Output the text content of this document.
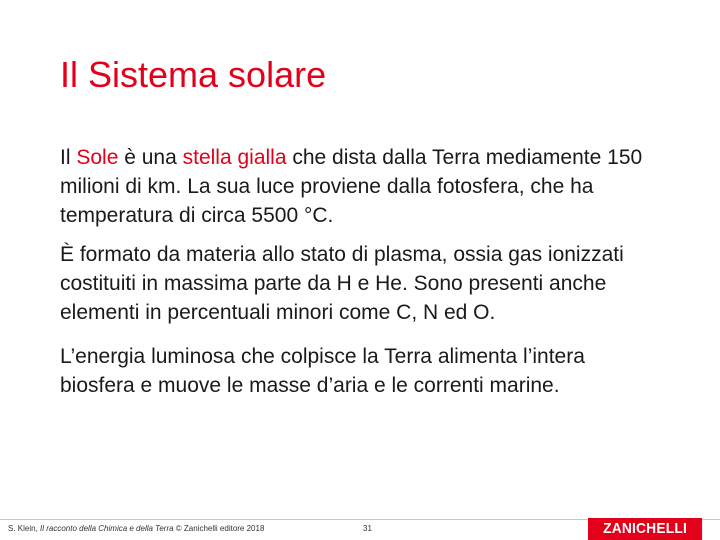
Il Sistema solare

Il Sole è una stella gialla che dista dalla Terra mediamente 150 milioni di km. La sua luce proviene dalla fotosfera, che ha temperatura di circa 5500 °C.

È formato da materia allo stato di plasma, ossia gas ionizzati costituiti in massima parte da H e He. Sono presenti anche elementi in percentuali minori come C, N ed O.

L’energia luminosa che colpisce la Terra alimenta l’intera biosfera e muove le masse d’aria e le correnti marine.

S. Klein, Il racconto della Chimica e della Terra © Zanichelli editore 2018	31	ZANICHELLI
